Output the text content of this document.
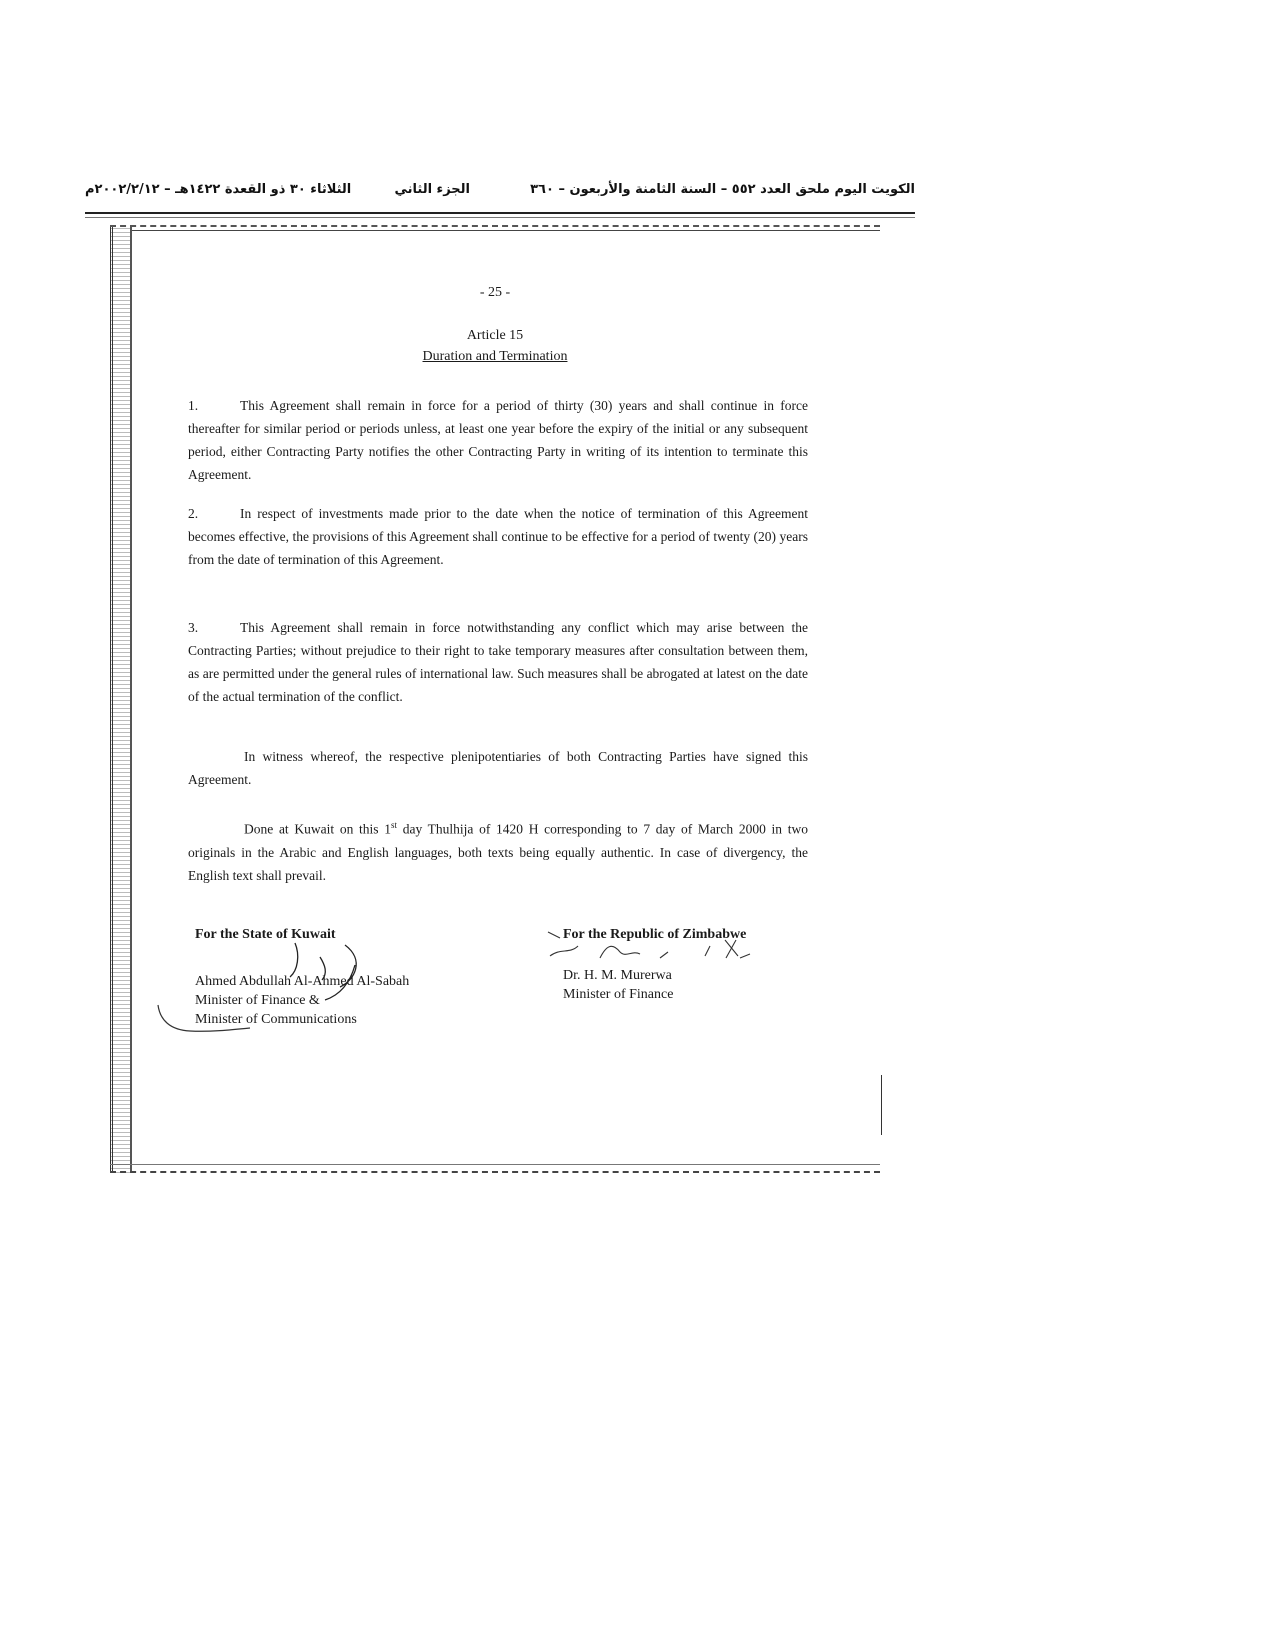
الكويت اليوم ملحق العدد ٥٥٢ – السنة الثامنة والأربعون – ٣٦٠
الجزء الثاني
الثلاثاء ٣٠ ذو القعدة ١٤٢٢هـ – ٢٠٠٢/٢/١٢م
- 25 -
Article 15
Duration and Termination
1.	This Agreement shall remain in force for a period of thirty (30) years and shall continue in force thereafter for similar period or periods unless, at least one year before the expiry of the initial or any subsequent period, either Contracting Party notifies the other Contracting Party in writing of its intention to terminate this Agreement.
2.	In respect of investments made prior to the date when the notice of termination of this Agreement becomes effective, the provisions of this Agreement shall continue to be effective for a period of twenty (20) years from the date of termination of this Agreement.
3.	This Agreement shall remain in force notwithstanding any conflict which may arise between the Contracting Parties; without prejudice to their right to take temporary measures after consultation between them, as are permitted under the general rules of international law. Such measures shall be abrogated at latest on the date of the actual termination of the conflict.
In witness whereof, the respective plenipotentiaries of both Contracting Parties have signed this Agreement.
Done at Kuwait on this 1st day Thulhija of 1420 H corresponding to 7 day of March 2000 in two originals in the Arabic and English languages, both texts being equally authentic. In case of divergency, the English text shall prevail.
For the State of Kuwait
Ahmed Abdullah Al-Ahmed Al-Sabah
Minister of Finance &
Minister of Communications
For the Republic of Zimbabwe
Dr. H. M. Murerwa
Minister of Finance
